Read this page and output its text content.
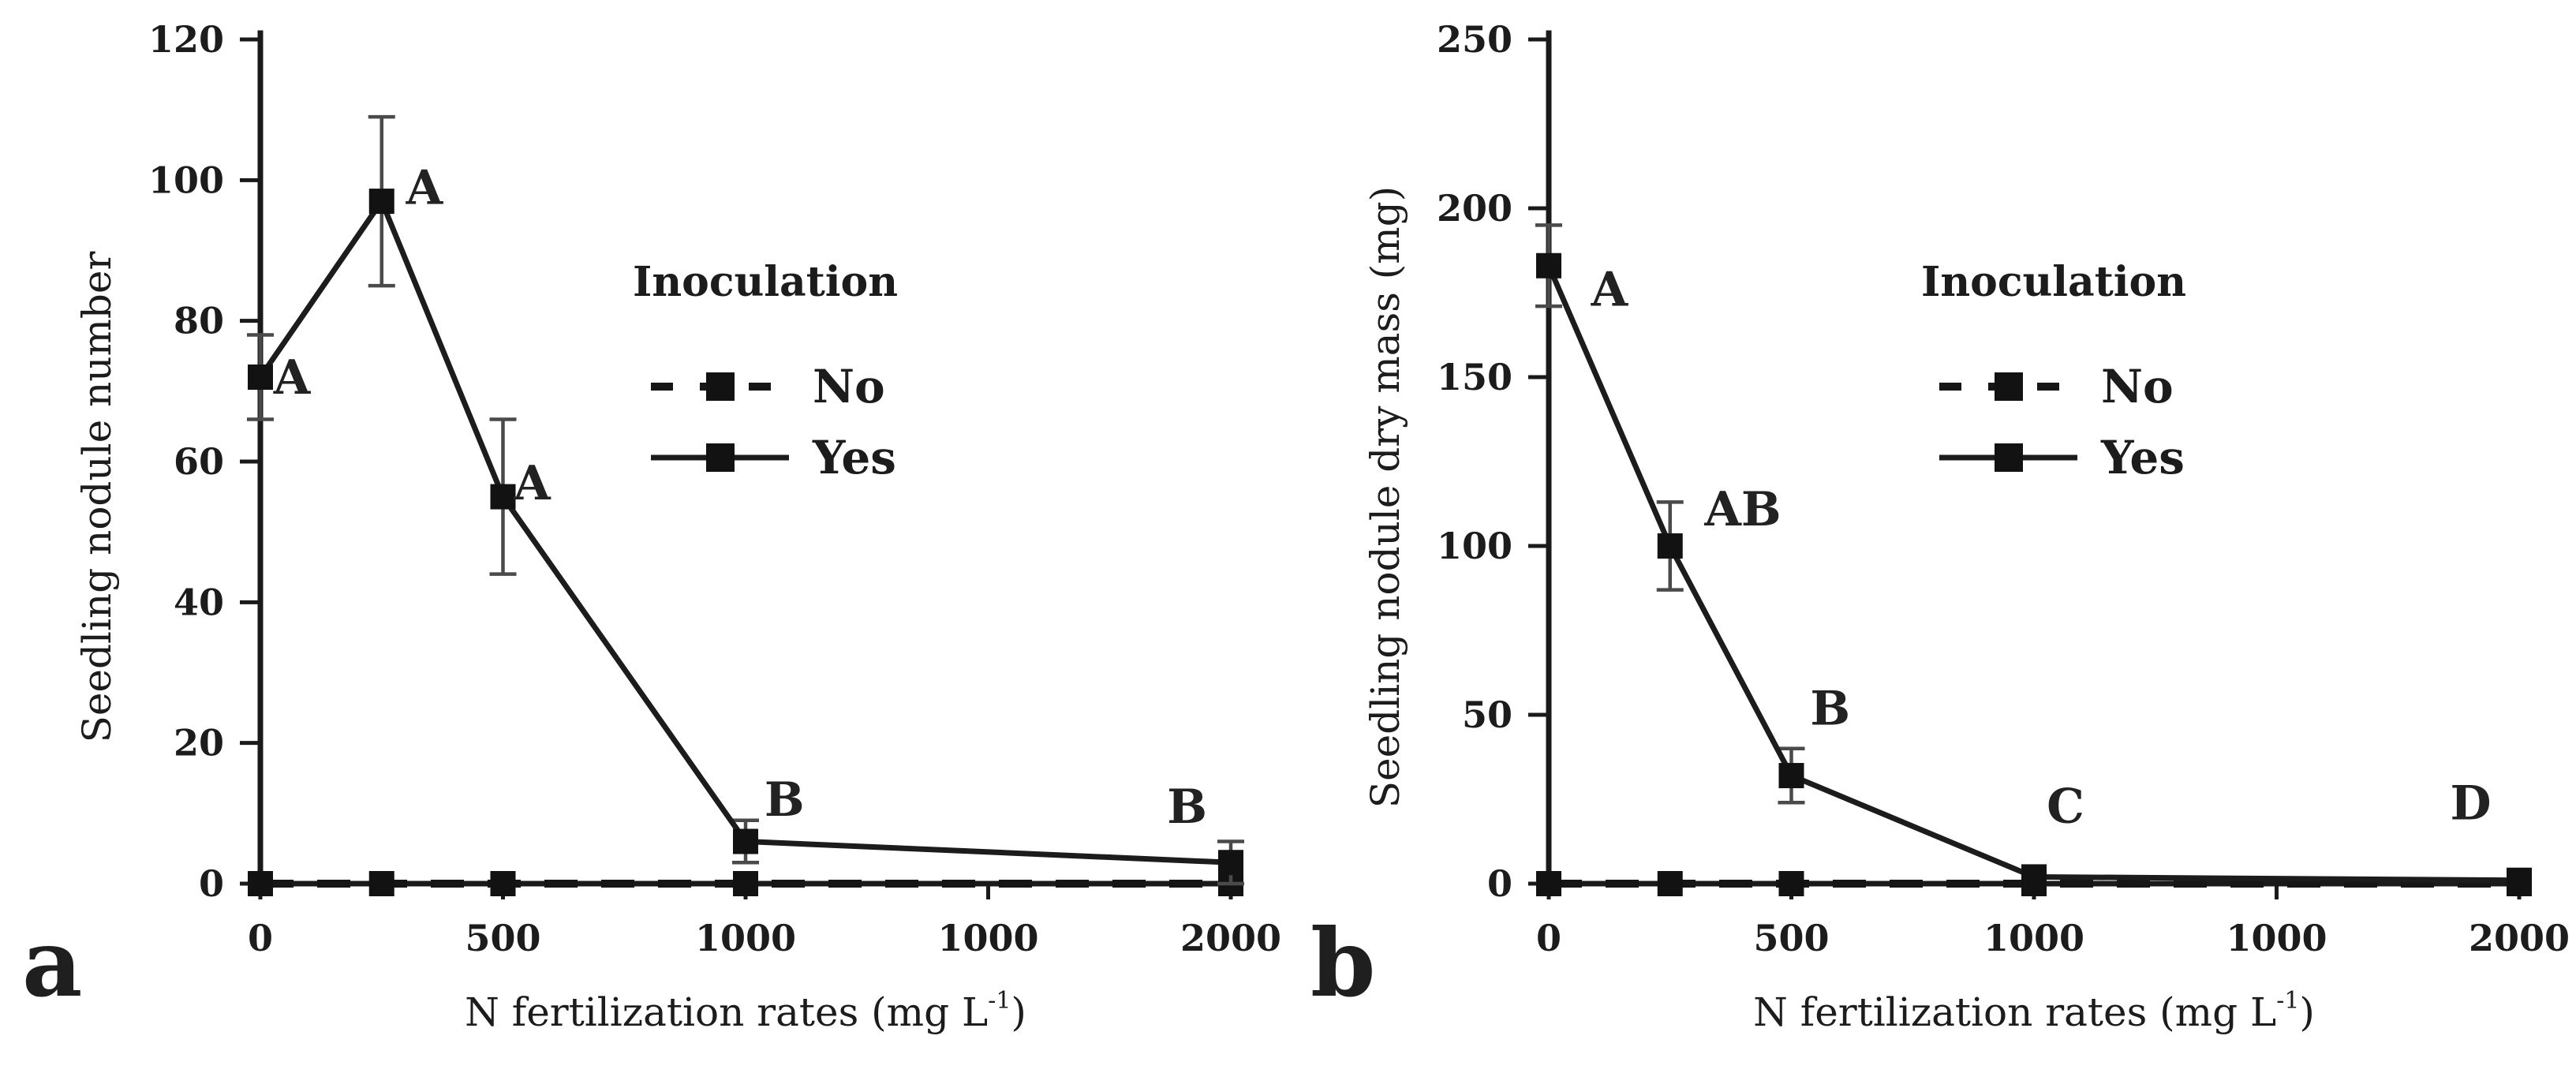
0
20
40
60
80
100
120
0	500	1000	1000	2000
A
A
A
B	B
Seedling nodule number
N fertilization rates (mg $L^{-1}$)
a
Inoculation
No
Yes
0
50
100
150
200
250
0	500	1000	1000	2000
A
AB
B
C	D
Seedling nodule dry mass (mg)
N fertilization rates (mg $L^{-1}$)
b
Inoculation
No
Yes
